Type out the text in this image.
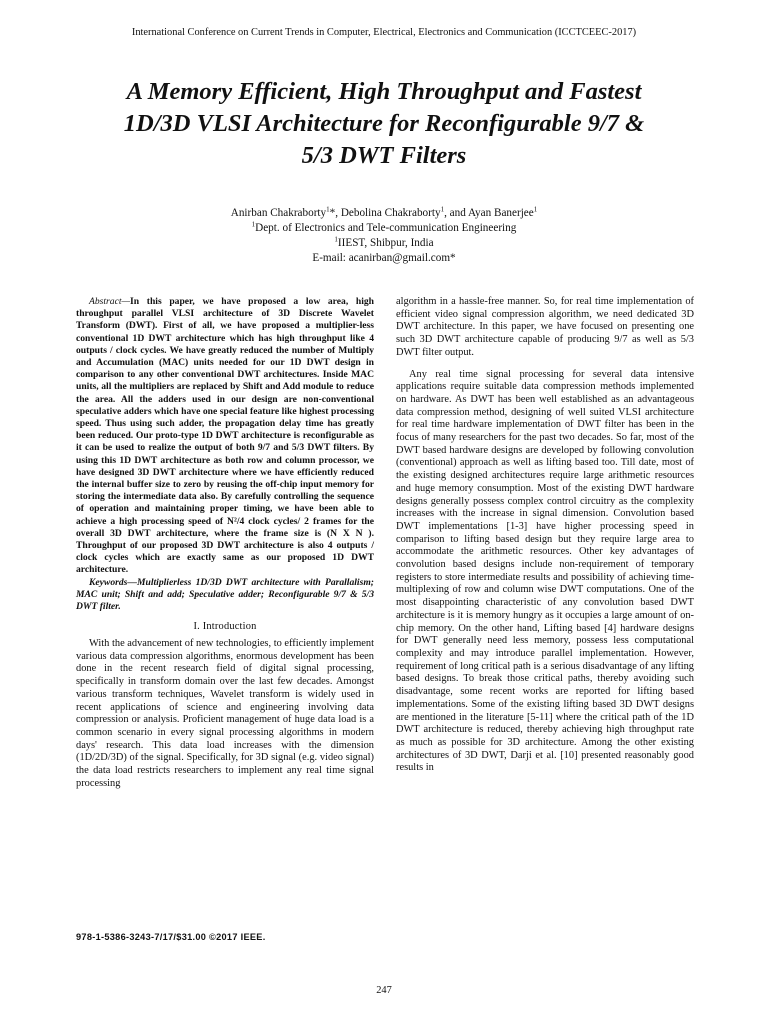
International Conference on Current Trends in Computer, Electrical, Electronics and Communication (ICCTCEEC-2017)
A Memory Efficient, High Throughput and Fastest
1D/3D VLSI Architecture for Reconfigurable 9/7 &
5/3 DWT Filters
Anirban Chakraborty$^1$*, Debolina Chakraborty$^1$, and Ayan Banerjee$^1$
$^1$Dept. of Electronics and Tele-communication Engineering
$^1$IIEST, Shibpur, India
E-mail: acanirban@gmail.com*

Abstract—In this paper, we have proposed a low area, high throughput parallel VLSI architecture of 3D Discrete Wavelet Transform (DWT). First of all, we have proposed a multiplier-less conventional 1D DWT architecture which has high throughput like 4 outputs / clock cycles. We have greatly reduced the number of Multiply and Accumulation (MAC) units needed for our 1D DWT design in comparison to any other conventional DWT architectures. Inside MAC units, all the multipliers are replaced by Shift and Add module to reduce the area. All the adders used in our design are non-conventional speculative adders which have one special feature like highest processing speed. Thus using such adder, the propagation delay time has greatly been reduced. Our proto-type 1D DWT architecture is reconfigurable as it can be used to realize the output of both 9/7 and 5/3 DWT filters. By using this 1D DWT architecture as both row and column processor, we have designed 3D DWT architecture where we have efficiently reduced the internal buffer size to zero by reusing the off-chip input memory for storing the intermediate data also. By carefully controlling the sequence of operation and maintaining proper timing, we have been able to achieve a high processing speed of N²/4 clock cycles/ 2 frames for the overall 3D DWT architecture, where the frame size is (N X N ). Throughput of our proposed 3D DWT architecture is also 4 outputs / clock cycles which are exactly same as our proposed 1D DWT architecture.

Keywords—Multiplierless 1D/3D DWT architecture with Parallalism; MAC unit; Shift and add; Speculative adder; Reconfigurable 9/7 & 5/3 DWT filter.

I. Introduction

With the advancement of new technologies, to efficiently implement various data compression algorithms, enormous development has been done in the recent research field of digital signal processing, specifically in transform domain over the last few decades. Amongst various transform techniques, Wavelet transform is widely used in recent applications of science and engineering involving data compression or analysis. Proficient management of huge data load is a common scenario in every signal processing algorithms in modern days' research. This data load increases with the dimension (1D/2D/3D) of the signal. Specifically, for 3D signal (e.g. video signal) the data load restricts researchers to implement any real time signal processing

algorithm in a hassle-free manner. So, for real time implementation of efficient video signal compression algorithm, we need dedicated 3D DWT architecture. In this paper, we have focused on presenting one such 3D DWT architecture capable of producing 9/7 as well as 5/3 DWT filter output.

Any real time signal processing for several data intensive applications require suitable data compression methods implemented on hardware. As DWT has been well established as an advantageous data compression method, designing of well suited VLSI architecture for real time hardware implementation of DWT filter has been in the focus of many researchers for the past two decades. So far, most of the DWT based hardware designs are developed by following convolution (conventional) approach as well as lifting based too. Till date, most of the existing designed architectures require large arithmetic resources and huge memory consumption. Most of the existing DWT hardware designs generally possess complex control circuitry as the complexity increases with the increase in signal dimension. Convolution based DWT implementations [1-3] have higher processing speed in comparison to lifting based design but they require large area to accommodate the arithmetic resources. Other key advantages of convolution based designs include non-requirement of temporary registers to store intermediate results and possibility of achieving time-multiplexing of row and column wise DWT computations. One of the most disappointing characteristic of any convolution based DWT architecture is it is memory hungry as it occupies a large amount of on-chip memory. On the other hand, Lifting based [4] hardware designs for DWT generally need less memory, possess less computational complexity and may introduce parallel implementation. However, requirement of long critical path is a serious disadvantage of any lifting based designs. To break those critical paths, thereby avoiding such disadvantage, some recent works are reported for lifting based implementations. Some of the existing lifting based 3D DWT designs are mentioned in the literature [5-11] where the critical path of the 1D DWT architecture is reduced, thereby achieving high throughput rate as much as possible for 3D architecture. Among the other existing architectures of 3D DWT, Darji et al. [10] presented reasonably good results in

978-1-5386-3243-7/17/$31.00 ©2017 IEEE.
247
